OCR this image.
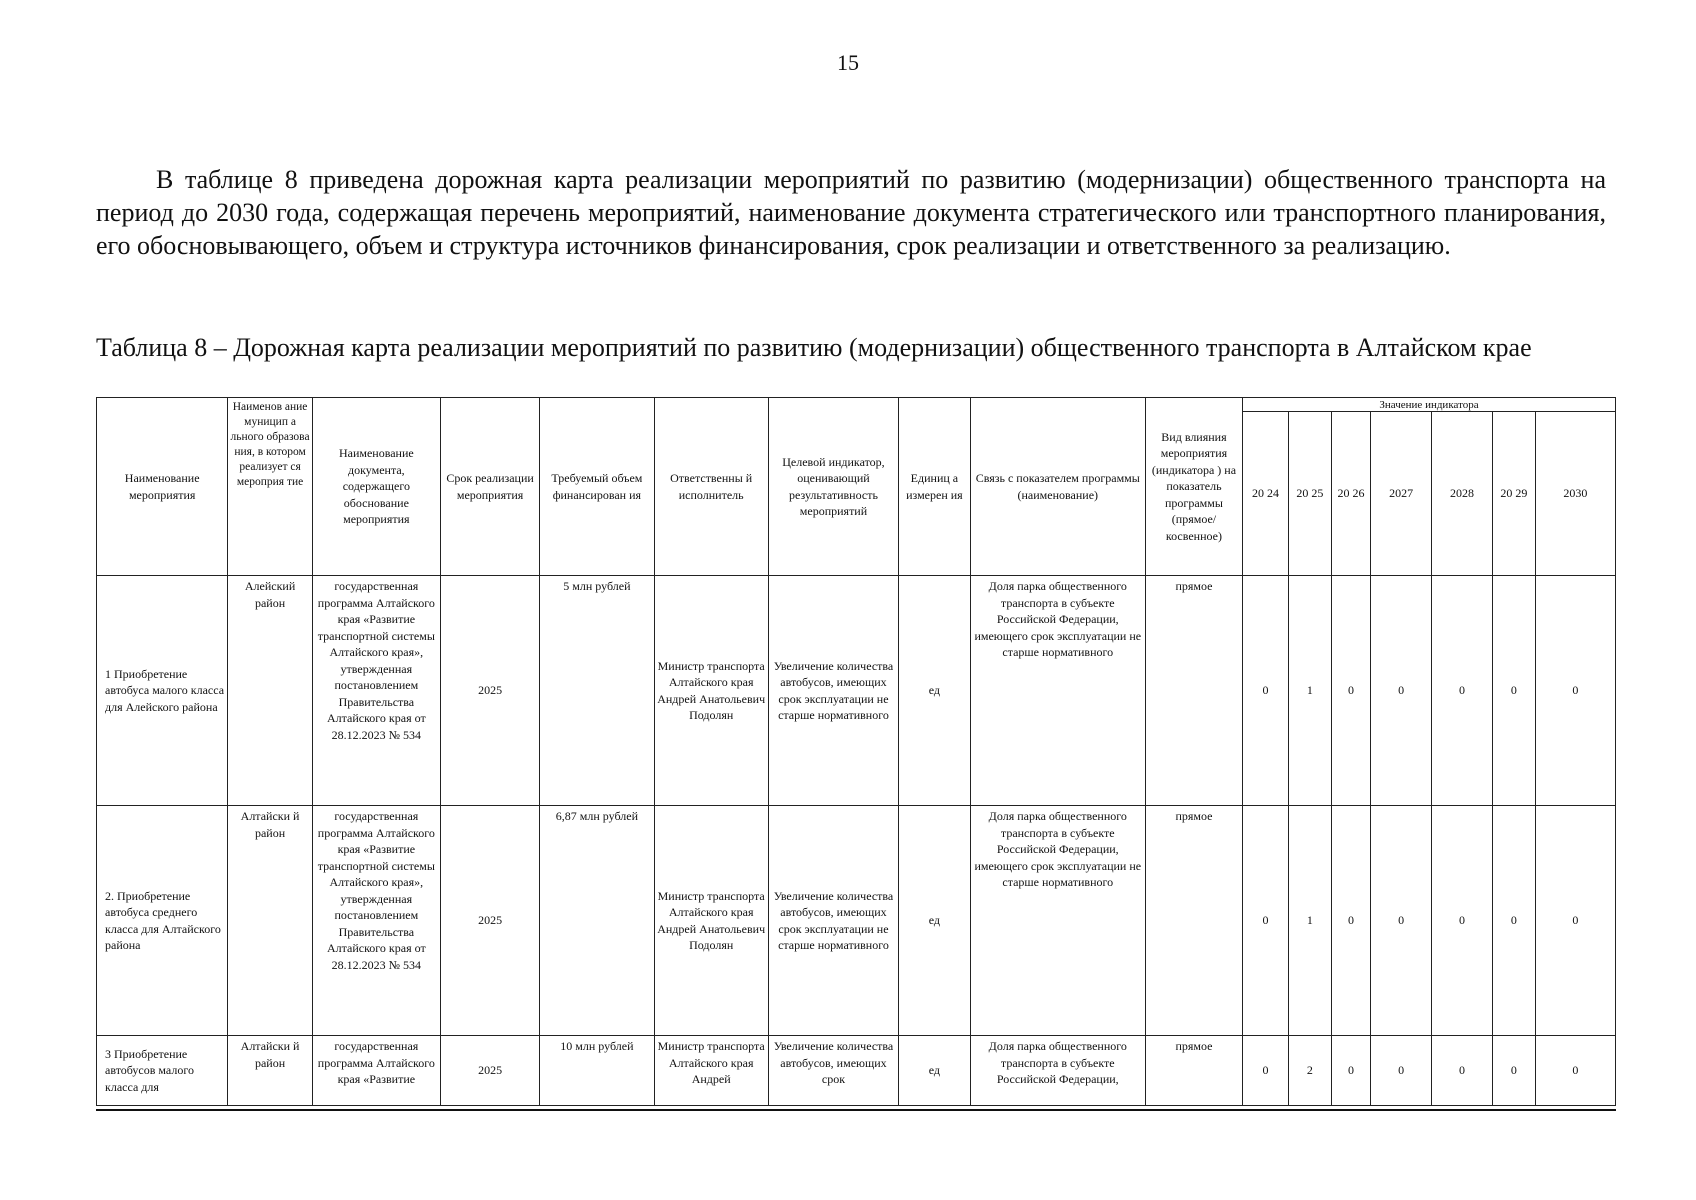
15

В таблице 8 приведена дорожная карта реализации мероприятий по развитию (модернизации) общественного транспорта на период до 2030 года, содержащая перечень мероприятий, наименование документа стратегического или транспортного планирования, его обосновывающего, объем и структура источников финансирования, срок реализации и ответственного за реализацию.

Таблица 8 – Дорожная карта реализации мероприятий по развитию (модернизации) общественного транспорта в Алтайском крае

Наименование мероприятия	Наименов ание муницип а льного образова ния, в котором реализует ся мероприя тие	Наименование документа, содержащего обоснование мероприятия	Срок реализации мероприятия	Требуемый объем финансирован ия	Ответственны й исполнитель	Целевой индикатор, оценивающий результативность мероприятий	Единиц а измерен ия	Связь с показателем программы (наименование)	Вид влияния мероприятия (индикатора ) на показатель программы (прямое/ косвенное)	Значение индикатора						
										20 24	20 25	20 26	2027	2028	20 29	2030
1 Приобретение автобуса малого класса для Алейского района	Алейский район	государственная программа Алтайского края «Развитие транспортной системы Алтайского края», утвержденная постановлением Правительства Алтайского края от 28.12.2023 № 534	2025	5 млн рублей	Министр транспорта Алтайского края Андрей Анатольевич Подолян	Увеличение количества автобусов, имеющих срок эксплуатации не старше нормативного	ед	Доля парка общественного транспорта в субъекте Российской Федерации, имеющего срок эксплуатации не старше нормативного	прямое	0	1	0	0	0	0	0
2. Приобретение автобуса среднего класса для Алтайского района	Алтайски й район	государственная программа Алтайского края «Развитие транспортной системы Алтайского края», утвержденная постановлением Правительства Алтайского края от 28.12.2023 № 534	2025	6,87 млн рублей	Министр транспорта Алтайского края Андрей Анатольевич Подолян	Увеличение количества автобусов, имеющих срок эксплуатации не старше нормативного	ед	Доля парка общественного транспорта в субъекте Российской Федерации, имеющего срок эксплуатации не старше нормативного	прямое	0	1	0	0	0	0	0
3 Приобретение автобусов малого класса для	Алтайски й район	государственная программа Алтайского края «Развитие	2025	10 млн рублей	Министр транспорта Алтайского края Андрей	Увеличение количества автобусов, имеющих срок	ед	Доля парка общественного транспорта в субъекте Российской Федерации,	прямое	0	2	0	0	0	0	0
